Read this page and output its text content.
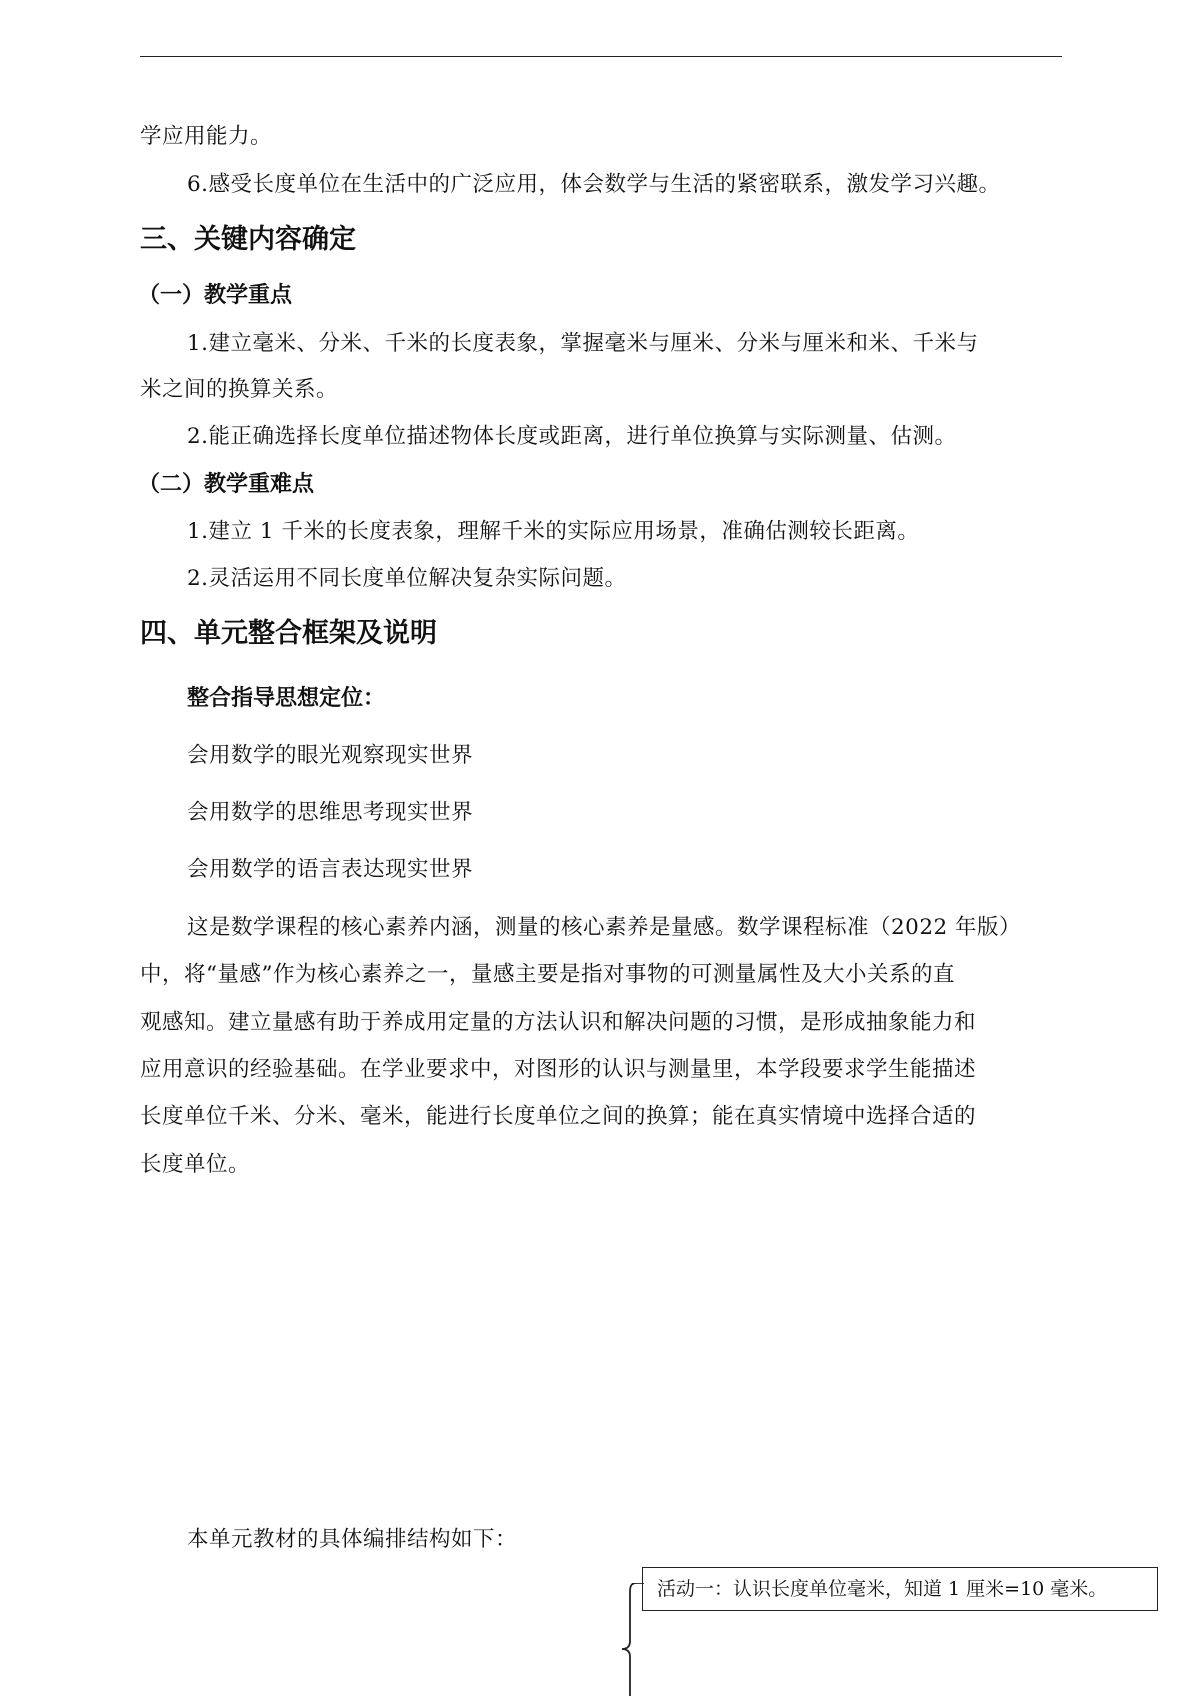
学应用能力。
6.感受长度单位在生活中的广泛应用，体会数学与生活的紧密联系，激发学习兴趣。
三、关键内容确定
（一）教学重点
1.建立毫米、分米、千米的长度表象，掌握毫米与厘米、分米与厘米和米、千米与
米之间的换算关系。
2.能正确选择长度单位描述物体长度或距离，进行单位换算与实际测量、估测。
（二）教学重难点
1.建立 1 千米的长度表象，理解千米的实际应用场景，准确估测较长距离。
2.灵活运用不同长度单位解决复杂实际问题。
四、单元整合框架及说明
整合指导思想定位：
会用数学的眼光观察现实世界
会用数学的思维思考现实世界
会用数学的语言表达现实世界
这是数学课程的核心素养内涵，测量的核心素养是量感。数学课程标准（2022 年版）
中，将“量感”作为核心素养之一，量感主要是指对事物的可测量属性及大小关系的直
观感知。建立量感有助于养成用定量的方法认识和解决问题的习惯，是形成抽象能力和
应用意识的经验基础。在学业要求中，对图形的认识与测量里，本学段要求学生能描述
长度单位千米、分米、毫米，能进行长度单位之间的换算；能在真实情境中选择合适的
长度单位。
本单元教材的具体编排结构如下：
活动一：认识长度单位毫米，知道 1 厘米=10 毫米。
